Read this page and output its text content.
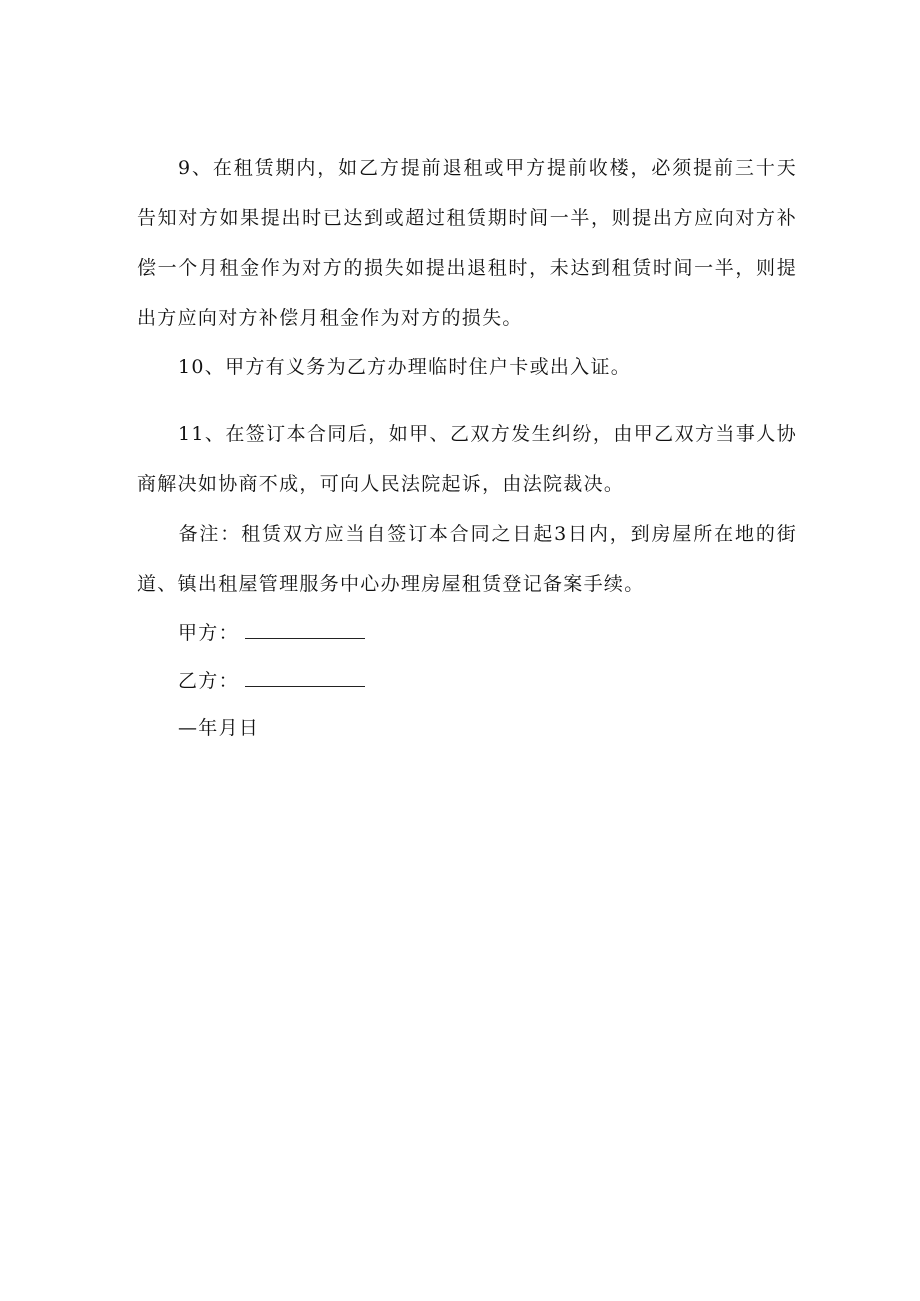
9、在租赁期内，如乙方提前退租或甲方提前收楼，必须提前三十天告知对方如果提出时已达到或超过租赁期时间一半，则提出方应向对方补偿一个月租金作为对方的损失如提出退租时，未达到租赁时间一半，则提出方应向对方补偿月租金作为对方的损失。

10、甲方有义务为乙方办理临时住户卡或出入证。

11、在签订本合同后，如甲、乙双方发生纠纷，由甲乙双方当事人协商解决如协商不成，可向人民法院起诉，由法院裁决。

备注：租赁双方应当自签订本合同之日起3日内，到房屋所在地的街道、镇出租屋管理服务中心办理房屋租赁登记备案手续。

甲方：

乙方：

—年月日
